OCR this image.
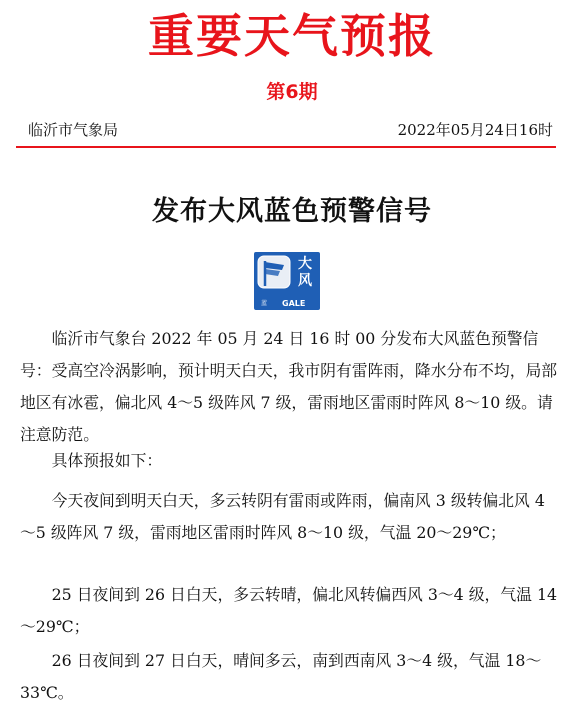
重要天气预报
第6期
临沂市气象局	2022年05月24日16时
发布大风蓝色预警信号
大
风
蓝 GALE

临沂市气象台 2022 年 05 月 24 日 16 时 00 分发布大风蓝色预警信号：受高空冷涡影响，预计明天白天，我市阴有雷阵雨，降水分布不均，局部地区有冰雹，偏北风 4～5 级阵风 7 级，雷雨地区雷雨时阵风 8～10 级。请注意防范。

具体预报如下：

今天夜间到明天白天，多云转阴有雷雨或阵雨，偏南风 3 级转偏北风 4～5 级阵风 7 级，雷雨地区雷雨时阵风 8～10 级，气温 20～29℃；

25 日夜间到 26 日白天，多云转晴，偏北风转偏西风 3～4 级，气温 14～29℃；

26 日夜间到 27 日白天，晴间多云，南到西南风 3～4 级，气温 18～33℃。
